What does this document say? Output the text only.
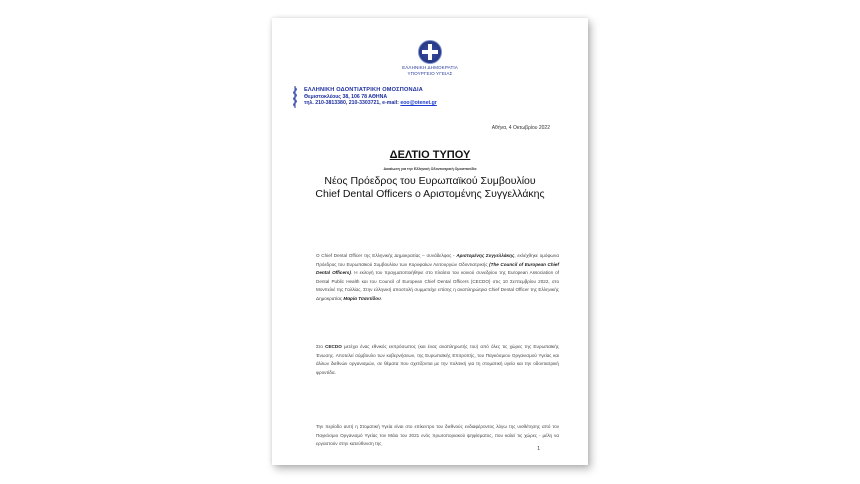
ΕΛΛΗΝΙΚΗ ΔΗΜΟΚΡΑΤΙΑ
ΥΠΟΥΡΓΕΙΟ ΥΓΕΙΑΣ
ΕΛΛΗΝΙΚΗ ΟΔΟΝΤΙΑΤΡΙΚΗ ΟΜΟΣΠΟΝΔΙΑ
Θεμιστοκλέους 38, 106 78 ΑΘΗΝΑ
τηλ. 210-3813380, 210-3303721, e-mail: eoo@otenet.gr
Αθήνα, 4 Οκτωβρίου 2022
ΔΕΛΤΙΟ ΤΥΠΟΥ
Δικαίωση για την Ελληνική Οδοντιατρική Ομοσπονδία
Νέος Πρόεδρος του Ευρωπαϊκού Συμβουλίου Chief Dental Officers ο Αριστομένης Συγγελλάκης
Ο Chief Dental Officer της Ελληνικής Δημοκρατίας – συνάδελφος - Αριστομένης Συγγελλάκης, εκλέχθηκε ομόφωνα Πρόεδρος του Ευρωπαϊκού Συμβουλίου των Κορυφαίων Λειτουργών Οδοντιατρικής (The Council of European Chief Dental Officers). Η εκλογή του πραγματοποιήθηκε στο πλαίσιο του κοινού συνεδρίου της European Association of Dental Public Health και του Council of European Chief Dental Officers (CECDO) στις 10 Σεπτεμβρίου 2022, στο Μονπελιέ της Γαλλίας. Στην ελληνική αποστολή συμμετείχε επίσης η αναπληρώτρια Chief Dental Officer της Ελληνικής Δημοκρατίας Μαρία Τσαντίδου.
Στο CECDO μετέχει ένας εθνικός εκπρόσωπος (και ένας αναπληρωτής του) από όλες τις χώρες της Ευρωπαϊκής Ένωσης. Αποτελεί σύμβουλο των κυβερνήσεων, της Ευρωπαϊκής Επιτροπής, του Παγκόσμιου Οργανισμού Υγείας και άλλων διεθνών οργανισμών, σε θέματα που σχετίζονται με την πολιτική για τη στοματική υγεία και την οδοντιατρική φροντίδα.
Την περίοδο αυτή η Στοματική Υγεία είναι στο επίκεντρο του διεθνούς ενδιαφέροντος λόγω της υιοθέτησης από τον Παγκόσμιο Οργανισμό Υγείας τον Μάιο του 2021 ενός πρωτοποριακού ψηφίσματος, που καλεί τις χώρες - μέλη να εργαστούν στην κατεύθυνση της
1
